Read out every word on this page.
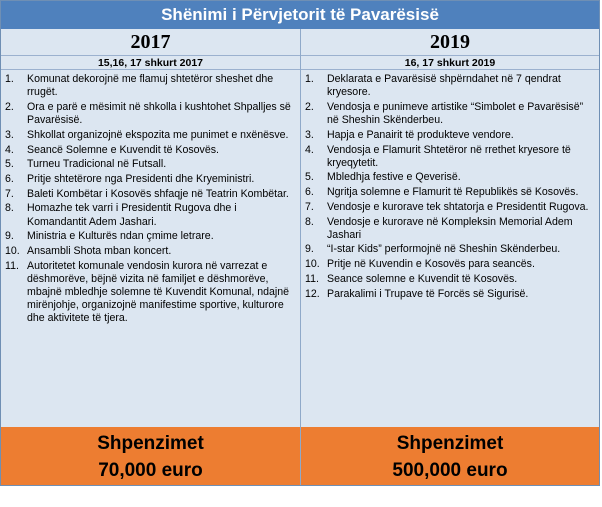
Shënimi i Përvjetorit të Pavarësisë
2017	2019
15,16, 17 shkurt 2017	16, 17 shkurt 2019
1. Komunat dekorojnë me flamuj shtetëror sheshet dhe rrugët.
2. Ora e parë e mësimit në shkolla i kushtohet Shpalljes së Pavarësisë.
3. Shkollat organizojnë ekspozita me punimet e nxënësve.
4. Seancë Solemne e Kuvendit të Kosovës.
5. Turneu Tradicional në Futsall.
6. Pritje shtetërore nga Presidenti dhe Kryeministri.
7. Baleti Kombëtar i Kosovës shfaqje në Teatrin Kombëtar.
8. Homazhe tek varri i Presidentit Rugova dhe i Komandantit Adem Jashari.
9. Ministria e Kulturës ndan çmime letrare.
10. Ansambli Shota mban koncert.
11. Autoritetet komunale vendosin kurora në varrezat e dëshmorëve, bëjnë vizita në familjet e dëshmorëve, mbajnë mbledhje solemne të Kuvendit Komunal, ndajnë mirënjohje, organizojnë manifestime sportive, kulturore dhe aktivitete të tjera.
1. Deklarata e Pavarësisë shpërndahet në 7 qendrat kryesore.
2. Vendosja e punimeve artistike “Simbolet e Pavarësisë” në Sheshin Skënderbeu.
3. Hapja e Panairit të produkteve vendore.
4. Vendosja e Flamurit Shtetëror në rrethet kryesore të kryeqytetit.
5. Mbledhja festive e Qeverisë.
6. Ngritja solemne e Flamurit të Republikës së Kosovës.
7. Vendosje e kurorave tek shtatorja e Presidentit Rugova.
8. Vendosje e kurorave në Kompleksin Memorial Adem Jashari
9. “I-star Kids” performojnë në Sheshin Skënderbeu.
10. Pritje në Kuvendin e Kosovës para seancës.
11. Seance solemne e Kuvendit të Kosovës.
12. Parakalimi i Trupave të Forcës së Sigurisë.
Shpenzimet
70,000 euro
Shpenzimet
500,000 euro
